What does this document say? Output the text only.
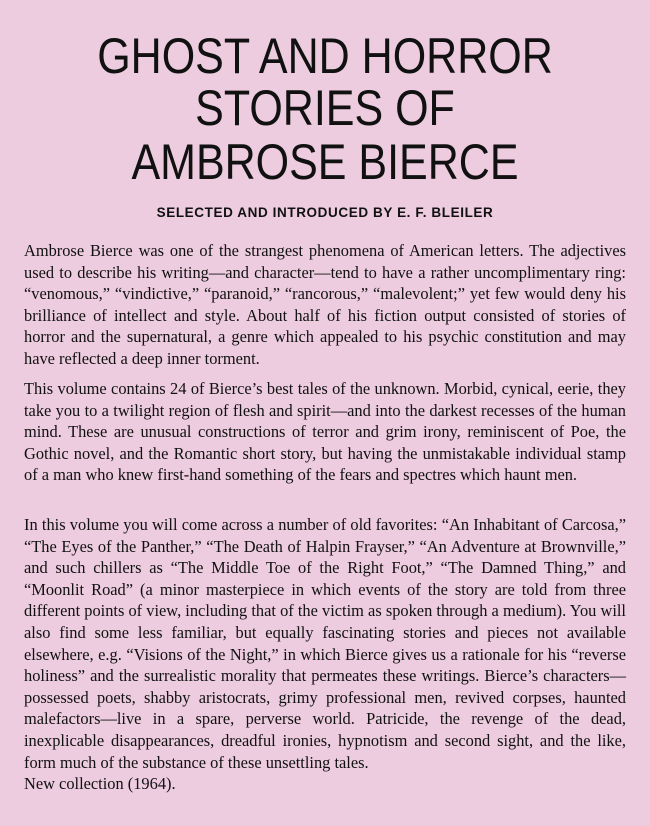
GHOST AND HORROR
STORIES OF
AMBROSE BIERCE

SELECTED AND INTRODUCED BY E. F. BLEILER

Ambrose Bierce was one of the strangest phenomena of American letters. The adjectives used to describe his writing—and character—tend to have a rather uncomplimentary ring: “venomous,” “vindictive,” “paranoid,” “rancorous,” “malevolent;” yet few would deny his brilliance of intellect and style. About half of his fiction output consisted of stories of horror and the supernatural, a genre which appealed to his psychic constitution and may have reflected a deep inner torment.

This volume contains 24 of Bierce’s best tales of the unknown. Morbid, cynical, eerie, they take you to a twilight region of flesh and spirit—and into the darkest recesses of the human mind. These are unusual constructions of terror and grim irony, reminiscent of Poe, the Gothic novel, and the Romantic short story, but having the unmistakable individual stamp of a man who knew first-hand something of the fears and spectres which haunt men.

In this volume you will come across a number of old favorites: “An Inhabitant of Carcosa,” “The Eyes of the Panther,” “The Death of Halpin Frayser,” “An Adventure at Brownville,” and such chillers as “The Middle Toe of the Right Foot,” “The Damned Thing,” and “Moonlit Road” (a minor masterpiece in which events of the story are told from three different points of view, including that of the victim as spoken through a medium). You will also find some less familiar, but equally fascinating stories and pieces not available elsewhere, e.g. “Visions of the Night,” in which Bierce gives us a rationale for his “reverse holiness” and the surrealistic morality that permeates these writings. Bierce’s characters—possessed poets, shabby aristocrats, grimy professional men, revived corpses, haunted malefactors—live in a spare, perverse world. Patricide, the revenge of the dead, inexplicable disappearances, dreadful ironies, hypnotism and second sight, and the like, form much of the substance of these unsettling tales.

New collection (1964).
